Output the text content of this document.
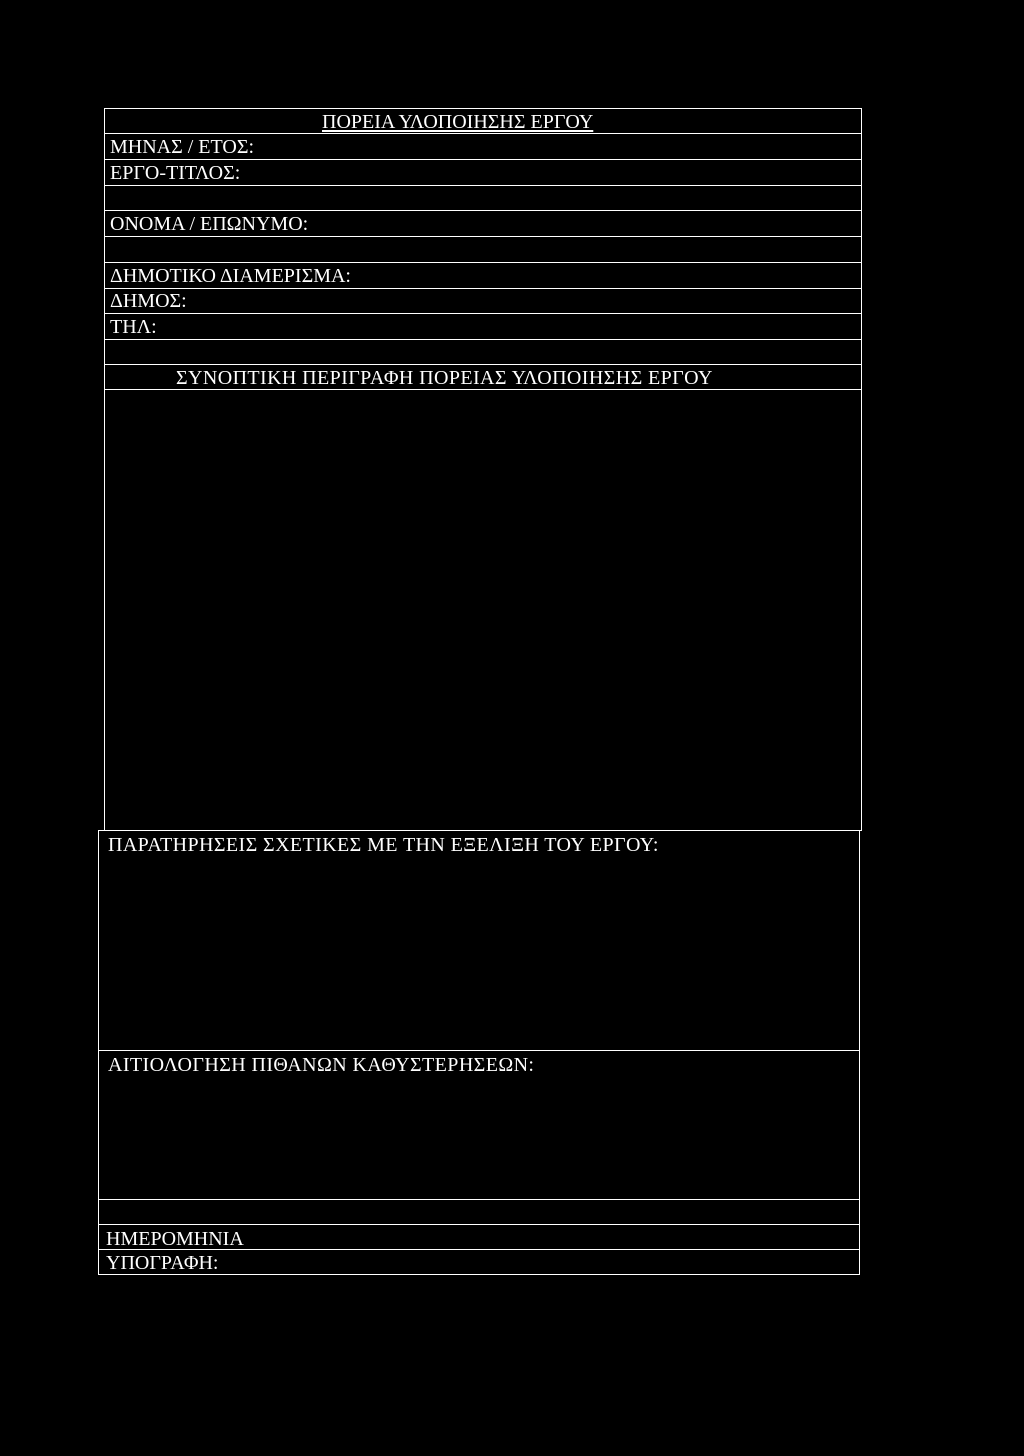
ΠΟΡΕΙΑ ΥΛΟΠΟΙΗΣΗΣ ΕΡΓΟΥ
ΜΗΝΑΣ / ΕΤΟΣ:
ΕΡΓΟ-ΤΙΤΛΟΣ:
ΟΝΟΜΑ / ΕΠΩΝΥΜΟ:
ΔΗΜΟΤΙΚΟ ΔΙΑΜΕΡΙΣΜΑ:
ΔΗΜΟΣ:
ΤΗΛ:
ΣΥΝΟΠΤΙΚΗ ΠΕΡΙΓΡΑΦΗ ΠΟΡΕΙΑΣ ΥΛΟΠΟΙΗΣΗΣ ΕΡΓΟΥ
ΠΑΡΑΤΗΡΗΣΕΙΣ ΣΧΕΤΙΚΕΣ ΜΕ ΤΗΝ ΕΞΕΛΙΞΗ ΤΟΥ ΕΡΓΟΥ:
ΑΙΤΙΟΛΟΓΗΣΗ ΠΙΘΑΝΩΝ ΚΑΘΥΣΤΕΡΗΣΕΩΝ:
ΗΜΕΡΟΜΗΝΙΑ
ΥΠΟΓΡΑΦΗ:
